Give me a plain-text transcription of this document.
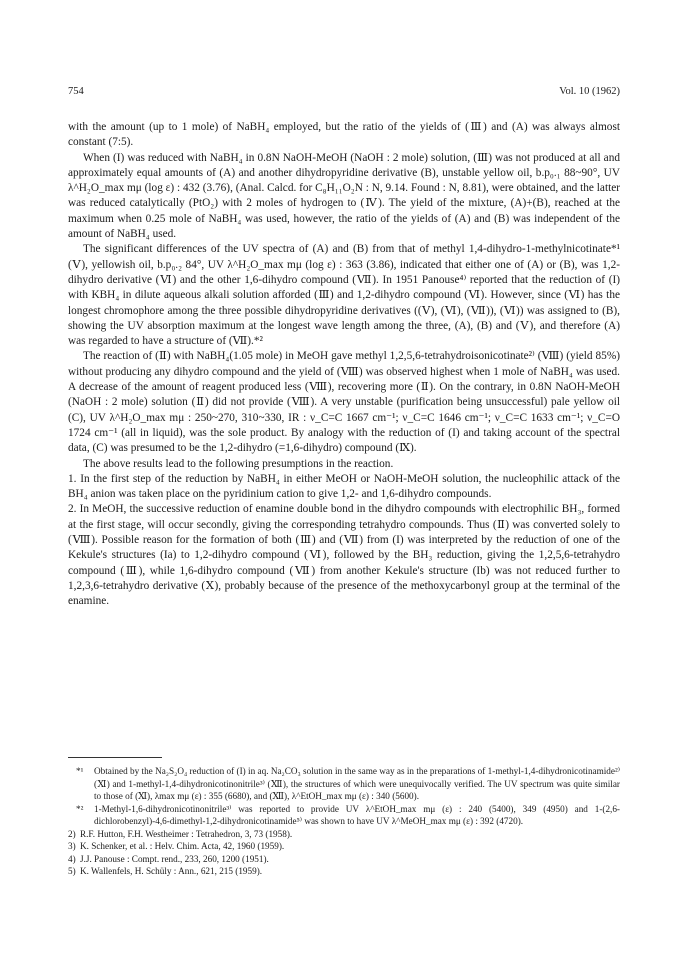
754	Vol. 10 (1962)

with the amount (up to 1 mole) of NaBH₄ employed, but the ratio of the yields of (Ⅲ) and (A) was always almost constant (7:5).

When (I) was reduced with NaBH₄ in 0.8N NaOH-MeOH (NaOH : 2 mole) solution, (Ⅲ) was not produced at all and approximately equal amounts of (A) and another dihydropyridine derivative (B), unstable yellow oil, b.p₀.₁ 88~90°, UV λ^H₂O_max mμ (log ε) : 432 (3.76), (Anal. Calcd. for C₈H₁₁O₂N : N, 9.14. Found : N, 8.81), were obtained, and the latter was reduced catalytically (PtO₂) with 2 moles of hydrogen to (Ⅳ). The yield of the mixture, (A)+(B), reached at the maximum when 0.25 mole of NaBH₄ was used, however, the ratio of the yields of (A) and (B) was independent of the amount of NaBH₄ used.

The significant differences of the UV spectra of (A) and (B) from that of methyl 1,4-dihydro-1-methylnicotinate*¹ (Ⅴ), yellowish oil, b.p₀.₂ 84°, UV λ^H₂O_max mμ (log ε) : 363 (3.86), indicated that either one of (A) or (B), was 1,2-dihydro derivative (Ⅵ) and the other 1,6-dihydro compound (Ⅶ). In 1951 Panouse⁴⁾ reported that the reduction of (I) with KBH₄ in dilute aqueous alkali solution afforded (Ⅲ) and 1,2-dihydro compound (Ⅵ). However, since (Ⅵ) has the longest chromophore among the three possible dihydropyridine derivatives ((Ⅴ), (Ⅵ), (Ⅶ)), (Ⅵ)) was assigned to (B), showing the UV absorption maximum at the longest wave length among the three, (A), (B) and (Ⅴ), and therefore (A) was regarded to have a structure of (Ⅶ).*²

The reaction of (Ⅱ) with NaBH₄(1.05 mole) in MeOH gave methyl 1,2,5,6-tetrahydroisonicotinate²⁾ (Ⅷ) (yield 85%) without producing any dihydro compound and the yield of (Ⅷ) was observed highest when 1 mole of NaBH₄ was used. A decrease of the amount of reagent produced less (Ⅷ), recovering more (Ⅱ). On the contrary, in 0.8N NaOH-MeOH (NaOH : 2 mole) solution (Ⅱ) did not provide (Ⅷ). A very unstable (purification being unsuccessful) pale yellow oil (C), UV λ^H₂O_max mμ : 250~270, 310~330, IR : ν_C=C 1667 cm⁻¹; ν_C=C 1646 cm⁻¹; ν_C=C 1633 cm⁻¹; ν_C=O 1724 cm⁻¹ (all in liquid), was the sole product. By analogy with the reduction of (I) and taking account of the spectral data, (C) was presumed to be the 1,2-dihydro (=1,6-dihydro) compound (Ⅸ).

The above results lead to the following presumptions in the reaction.

1. In the first step of the reduction by NaBH₄ in either MeOH or NaOH-MeOH solution, the nucleophilic attack of the BH₄ anion was taken place on the pyridinium cation to give 1,2- and 1,6-dihydro compounds.

2. In MeOH, the successive reduction of enamine double bond in the dihydro compounds with electrophilic BH₃, formed at the first stage, will occur secondly, giving the corresponding tetrahydro compounds. Thus (Ⅱ) was converted solely to (Ⅷ). Possible reason for the formation of both (Ⅲ) and (Ⅶ) from (I) was interpreted by the reduction of one of the Kekule's structures (Ia) to 1,2-dihydro compound (Ⅵ), followed by the BH₃ reduction, giving the 1,2,5,6-tetrahydro compound (Ⅲ), while 1,6-dihydro compound (Ⅶ) from another Kekule's structure (Ib) was not reduced further to 1,2,3,6-tetrahydro derivative (Ⅹ), probably because of the presence of the methoxycarbonyl group at the terminal of the enamine.

*¹ Obtained by the Na₂S₂O₄ reduction of (I) in aq. Na₂CO₃ solution in the same way as in the preparations of 1-methyl-1,4-dihydronicotinamide²⁾ (Ⅺ) and 1-methyl-1,4-dihydronicotinonitrile³⁾ (Ⅻ), the structures of which were unequivocally verified. The UV spectrum was quite similar to those of (Ⅺ), λmax mμ (ε) : 355 (6680), and (Ⅻ), λ^EtOH_max mμ (ε) : 340 (5600).
*² 1-Methyl-1,6-dihydronicotinonitrile³⁾ was reported to provide UV λ^EtOH_max mμ (ε) : 240 (5400), 349 (4950) and 1-(2,6-dichlorobenzyl)-4,6-dimethyl-1,2-dihydronicotinamide⁵⁾ was shown to have UV λ^MeOH_max mμ (ε) : 392 (4720).
2) R.F. Hutton, F.H. Westheimer : Tetrahedron, 3, 73 (1958).
3) K. Schenker, et al. : Helv. Chim. Acta, 42, 1960 (1959).
4) J.J. Panouse : Compt. rend., 233, 260, 1200 (1951).
5) K. Wallenfels, H. Schüly : Ann., 621, 215 (1959).
